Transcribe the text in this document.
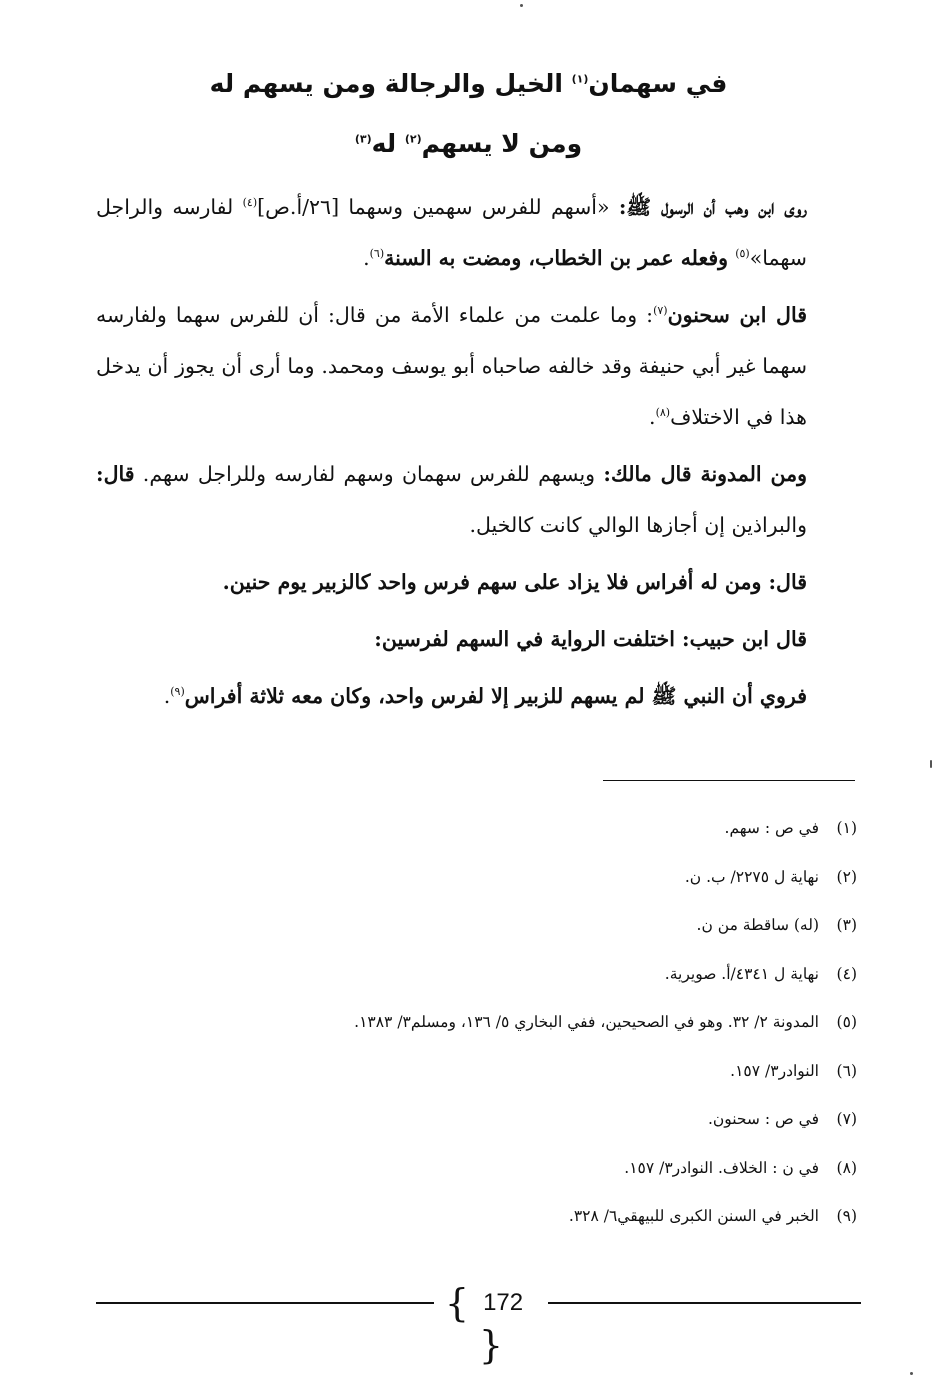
في سهمان$^{(١)}$ الخيل والرجالة ومن يسهم له
ومن لا يسهم$^{(٢)}$ له$^{(٣)}$

روى ابن وهب أن الرسول ﷺ: «أسهم للفرس سهمين وسهما [٢٦/أ.ص]$^{(٤)}$ لفارسه والراجل سهما»$^{(٥)}$ وفعله عمر بن الخطاب، ومضت به السنة$^{(٦)}$.

قال ابن سحنون$^{(٧)}$: وما علمت من علماء الأمة من قال: أن للفرس سهما ولفارسه سهما غير أبي حنيفة وقد خالفه صاحباه أبو يوسف ومحمد. وما أرى أن يجوز أن يدخل هذا في الاختلاف$^{(٨)}$.

ومن المدونة قال مالك: ويسهم للفرس سهمان وسهم لفارسه وللراجل سهم. قال: والبراذين إن أجازها الوالي كانت كالخيل.

قال: ومن له أفراس فلا يزاد على سهم فرس واحد كالزبير يوم حنين.

قال ابن حبيب: اختلفت الرواية في السهم لفرسين:

فروي أن النبي ﷺ لم يسهم للزبير إلا لفرس واحد، وكان معه ثلاثة أفراس$^{(٩)}$.

(١)في ص : سهم.
(٢)نهاية ل ٢٢٧٥/ ب. ن.
(٣)(له) ساقطة من ن.
(٤)نهاية ل ٤٣٤١/أ. صويرية.
(٥)المدونة ٢/ ٣٢. وهو في الصحيحين، ففي البخاري ٥/ ١٣٦، ومسلم٣/ ١٣٨٣.
(٦)النوادر٣/ ١٥٧.
(٧)في ص : سحنون.
(٨)في ن : الخلاف. النوادر٣/ ١٥٧.
(٩)الخبر في السنن الكبرى للبيهقي٦/ ٣٢٨.
{ 172}
